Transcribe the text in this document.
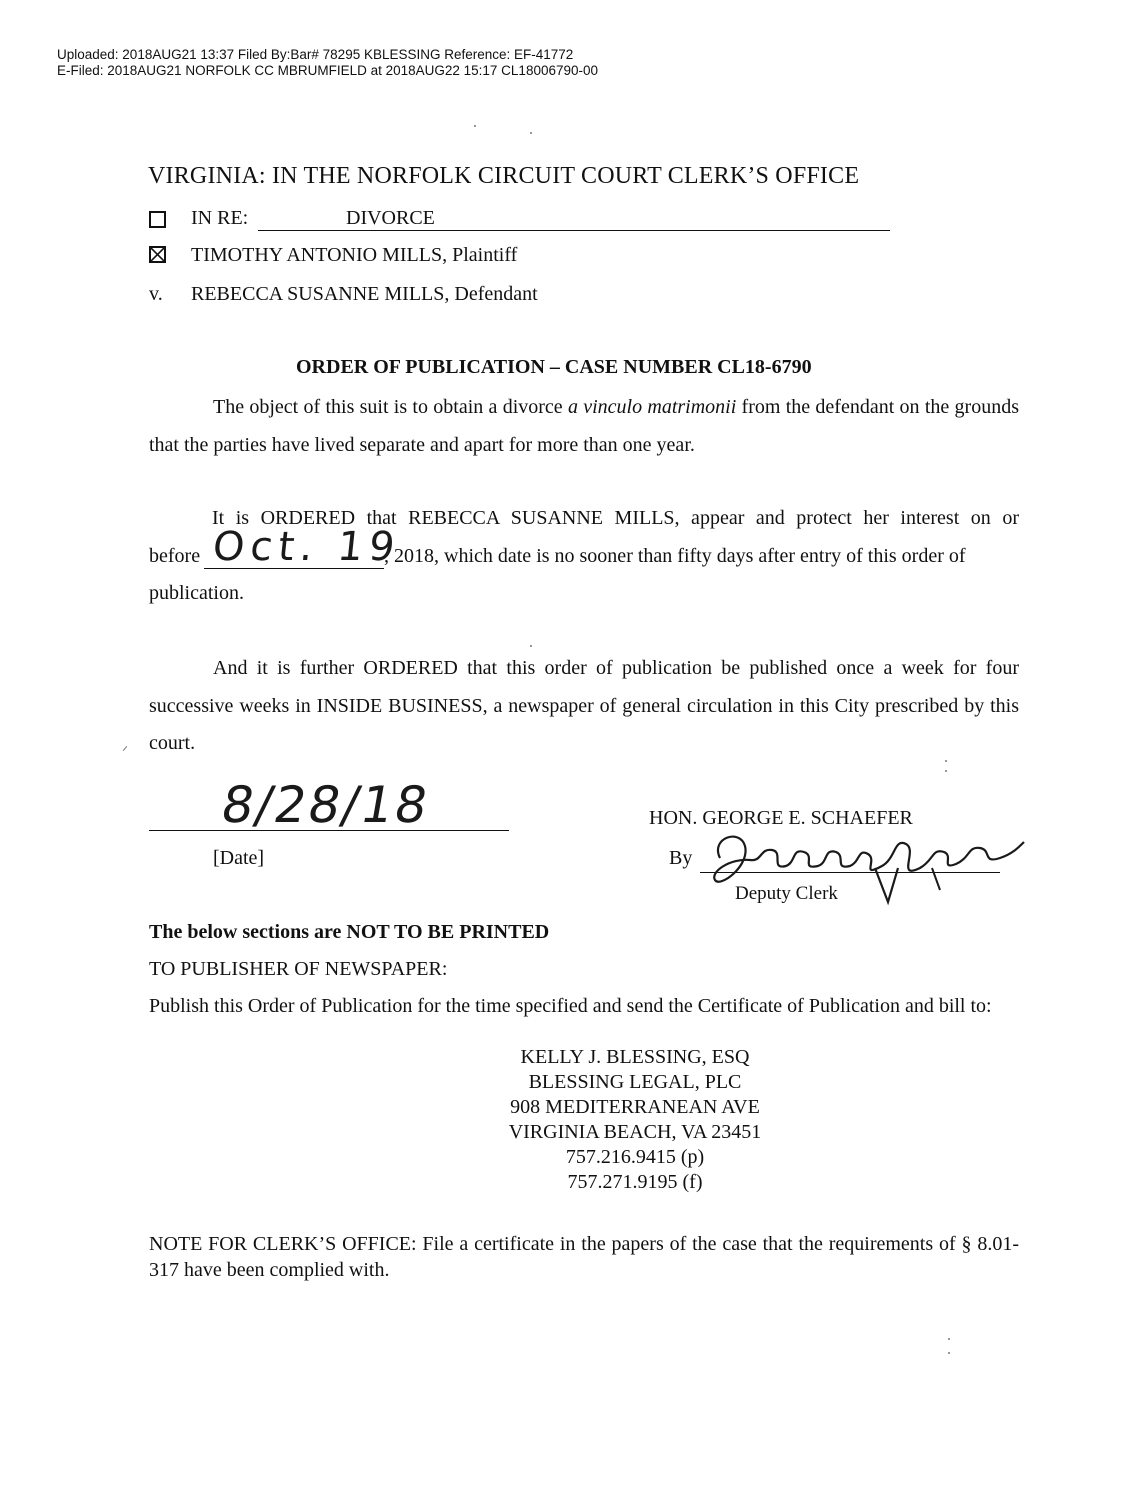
Uploaded: 2018AUG21 13:37 Filed By:Bar# 78295 KBLESSING Reference: EF-41772
E-Filed: 2018AUG21 NORFOLK CC MBRUMFIELD at 2018AUG22 15:17 CL18006790-00
VIRGINIA: IN THE NORFOLK CIRCUIT COURT CLERK’S OFFICE
IN RE:	DIVORCE
TIMOTHY ANTONIO MILLS, Plaintiff
v. REBECCA SUSANNE MILLS, Defendant
ORDER OF PUBLICATION – CASE NUMBER CL18-6790
The object of this suit is to obtain a divorce a vinculo matrimonii from the defendant on the grounds that the parties have lived separate and apart for more than one year.
It is ORDERED that REBECCA SUSANNE MILLS, appear and protect her interest on or
before Oct. 19
, 2018, which date is no sooner than fifty days after entry of this order of
publication.
And it is further ORDERED that this order of publication be published once a week for four successive weeks in INSIDE BUSINESS, a newspaper of general circulation in this City prescribed by this court.
8/28/18
[Date]
HON. GEORGE E. SCHAEFER
By
Deputy Clerk
The below sections are NOT TO BE PRINTED
TO PUBLISHER OF NEWSPAPER:
Publish this Order of Publication for the time specified and send the Certificate of Publication and bill to:
KELLY J. BLESSING, ESQ
BLESSING LEGAL, PLC
908 MEDITERRANEAN AVE
VIRGINIA BEACH, VA 23451
757.216.9415 (p)
757.271.9195 (f)
NOTE FOR CLERK’S OFFICE: File a certificate in the papers of the case that the requirements of § 8.01-317 have been complied with.
